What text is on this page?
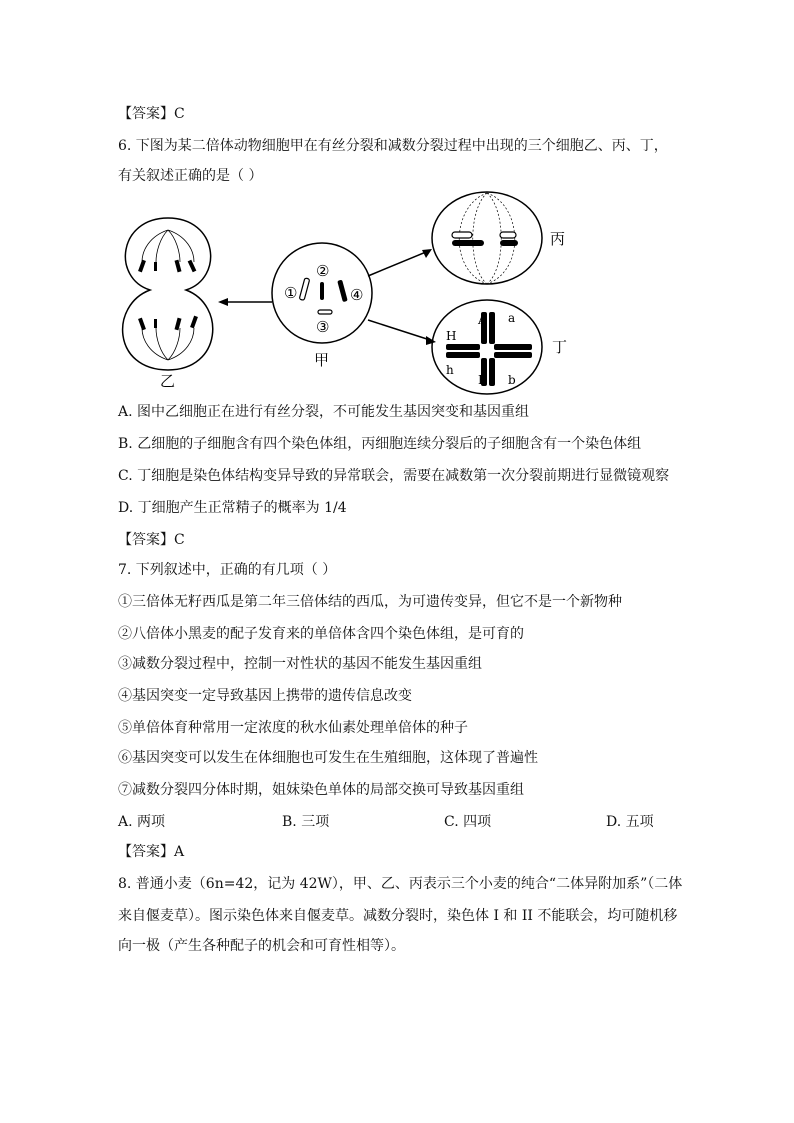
【答案】C
6. 下图为某二倍体动物细胞甲在有丝分裂和减数分裂过程中出现的三个细胞乙、丙、丁，
有关叙述正确的是（ ）
乙
甲
丙
丁
①
②
③
④
H
h
A a
B b
A. 图中乙细胞正在进行有丝分裂，不可能发生基因突变和基因重组
B. 乙细胞的子细胞含有四个染色体组，丙细胞连续分裂后的子细胞含有一个染色体组
C. 丁细胞是染色体结构变异导致的异常联会，需要在减数第一次分裂前期进行显微镜观察
D. 丁细胞产生正常精子的概率为 1/4
【答案】C
7. 下列叙述中，正确的有几项（ ）
①三倍体无籽西瓜是第二年三倍体结的西瓜，为可遗传变异，但它不是一个新物种
②八倍体小黑麦的配子发育来的单倍体含四个染色体组，是可育的
③减数分裂过程中，控制一对性状的基因不能发生基因重组
④基因突变一定导致基因上携带的遗传信息改变
⑤单倍体育种常用一定浓度的秋水仙素处理单倍体的种子
⑥基因突变可以发生在体细胞也可发生在生殖细胞，这体现了普遍性
⑦减数分裂四分体时期，姐妹染色单体的局部交换可导致基因重组
A. 两项	B. 三项	C. 四项	D. 五项
【答案】A
8. 普通小麦（6n=42，记为 42W），甲、乙、丙表示三个小麦的纯合“二体异附加系”（二体
来自偃麦草）。图示染色体来自偃麦草。减数分裂时，染色体 I 和 II 不能联会，均可随机移
向一极（产生各种配子的机会和可育性相等）。
